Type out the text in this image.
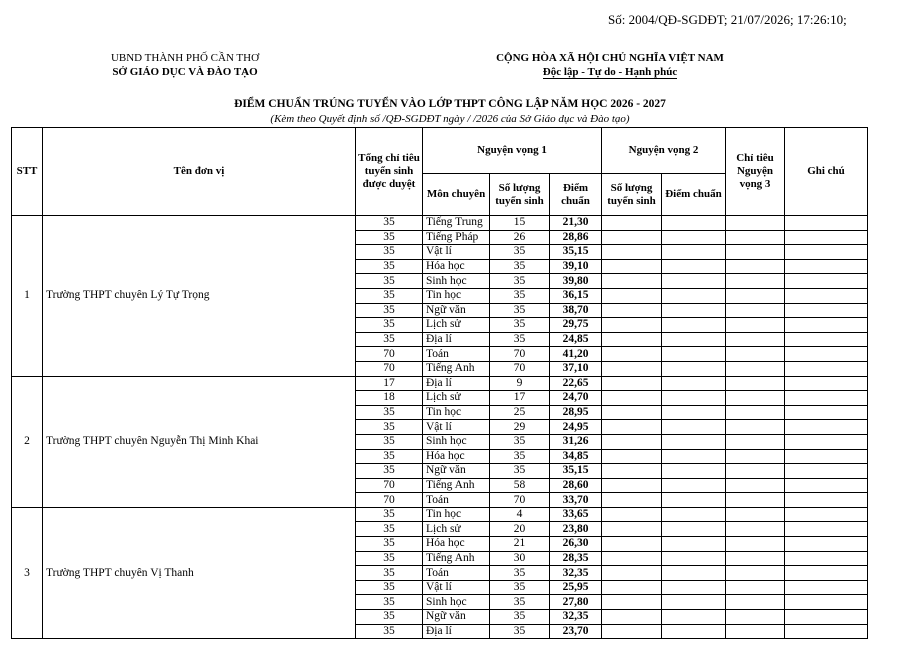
Số: 2004/QĐ-SGDĐT; 21/07/2026; 17:26:10;
UBND THÀNH PHỐ CẦN THƠ
SỞ GIÁO DỤC VÀ ĐÀO TẠO
CỘNG HÒA XÃ HỘI CHỦ NGHĨA VIỆT NAM
Độc lập - Tự do - Hạnh phúc
ĐIỂM CHUẨN TRÚNG TUYỂN VÀO LỚP THPT CÔNG LẬP NĂM HỌC 2026 - 2027
(Kèm theo Quyết định số /QĐ-SGDĐT ngày / /2026 của Sở Giáo dục và Đào tạo)
STT	Tên đơn vị	Tổng chỉ tiêu tuyển sinh được duyệt	Nguyện vọng 1			Nguyện vọng 2		Chỉ tiêu Nguyện vọng 3	Ghi chú
			Môn chuyên	Số lượng tuyển sinh	Điểm chuẩn	Số lượng tuyển sinh	Điểm chuẩn		
1	Trường THPT chuyên Lý Tự Trọng	35	Tiếng Trung	15	21,30				
		35	Tiếng Pháp	26	28,86				
		35	Vật lí	35	35,15				
		35	Hóa học	35	39,10				
		35	Sinh học	35	39,80				
		35	Tin học	35	36,15				
		35	Ngữ văn	35	38,70				
		35	Lịch sử	35	29,75				
		35	Địa lí	35	24,85				
		70	Toán	70	41,20				
		70	Tiếng Anh	70	37,10				
2	Trường THPT chuyên Nguyễn Thị Minh Khai	17	Địa lí	9	22,65				
		18	Lịch sử	17	24,70				
		35	Tin học	25	28,95				
		35	Vật lí	29	24,95				
		35	Sinh học	35	31,26				
		35	Hóa học	35	34,85				
		35	Ngữ văn	35	35,15				
		70	Tiếng Anh	58	28,60				
		70	Toán	70	33,70				
3	Trường THPT chuyên Vị Thanh	35	Tin học	4	33,65				
		35	Lịch sử	20	23,80				
		35	Hóa học	21	26,30				
		35	Tiếng Anh	30	28,35				
		35	Toán	35	32,35				
		35	Vật lí	35	25,95				
		35	Sinh học	35	27,80				
		35	Ngữ văn	35	32,35				
		35	Địa lí	35	23,70				
